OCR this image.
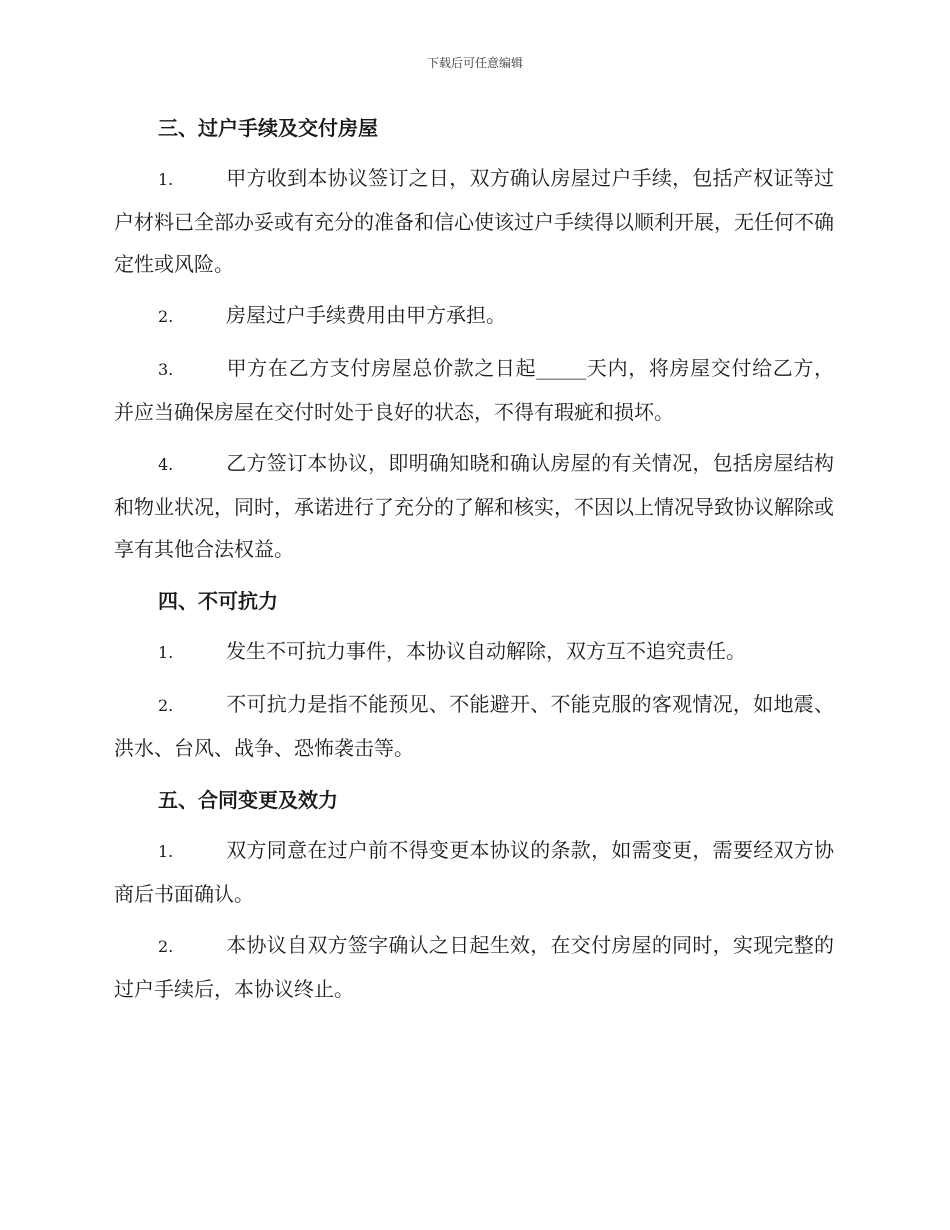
下载后可任意编辑
三、过户手续及交付房屋

1.	甲方收到本协议签订之日，双方确认房屋过户手续，包括产权证等过户材料已全部办妥或有充分的准备和信心使该过户手续得以顺利开展，无任何不确定性或风险。

2.	房屋过户手续费用由甲方承担。

3.	甲方在乙方支付房屋总价款之日起_____天内，将房屋交付给乙方，并应当确保房屋在交付时处于良好的状态，不得有瑕疵和损坏。

4.	乙方签订本协议，即明确知晓和确认房屋的有关情况，包括房屋结构和物业状况，同时，承诺进行了充分的了解和核实，不因以上情况导致协议解除或享有其他合法权益。

四、不可抗力

1.	发生不可抗力事件，本协议自动解除，双方互不追究责任。

2.	不可抗力是指不能预见、不能避开、不能克服的客观情况，如地震、洪水、台风、战争、恐怖袭击等。

五、合同变更及效力

1.	双方同意在过户前不得变更本协议的条款，如需变更，需要经双方协商后书面确认。

2.	本协议自双方签字确认之日起生效，在交付房屋的同时，实现完整的过户手续后，本协议终止。
